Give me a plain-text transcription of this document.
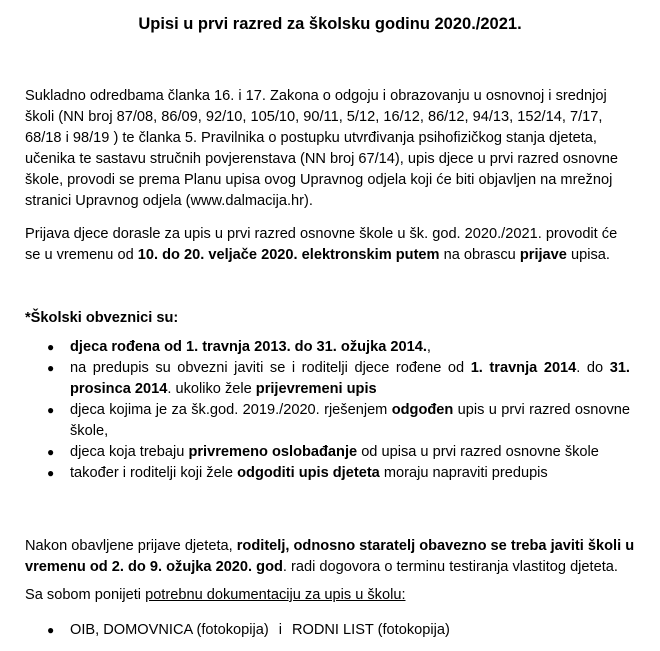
Upisi u prvi razred za školsku godinu 2020./2021.
Sukladno odredbama članka 16. i 17. Zakona o odgoju i obrazovanju u osnovnoj i srednjoj školi (NN broj 87/08, 86/09, 92/10, 105/10, 90/11, 5/12, 16/12, 86/12, 94/13, 152/14, 7/17, 68/18 i 98/19 ) te članka 5. Pravilnika o postupku utvrđivanja psihofizičkog stanja djeteta, učenika te sastavu stručnih povjerenstava (NN broj 67/14), upis djece u prvi razred osnovne škole, provodi se prema Planu upisa ovog Upravnog odjela koji će biti objavljen na mrežnoj stranici Upravnog odjela (www.dalmacija.hr).
Prijava djece dorasle za upis u prvi razred osnovne škole u šk. god. 2020./2021. provodit će se u vremenu od 10. do 20. veljače 2020. elektronskim putem na obrascu prijave upisa.
*Školski obveznici su:
● djeca rođena od 1. travnja 2013. do 31. ožujka 2014.,
● na predupis su obvezni javiti se i roditelji djece rođene od 1. travnja 2014. do 31. prosinca 2014. ukoliko žele prijevremeni upis
● djeca kojima je za šk.god. 2019./2020. rješenjem odgođen upis u prvi razred osnovne škole,
● djeca koja trebaju privremeno oslobađanje od upisa u prvi razred osnovne škole
● također i roditelji koji žele odgoditi upis djeteta moraju napraviti predupis
Nakon obavljene prijave djeteta, roditelj, odnosno staratelj obavezno se treba javiti školi u vremenu od 2. do 9. ožujka 2020. god. radi dogovora o terminu testiranja vlastitog djeteta.
Sa sobom ponijeti potrebnu dokumentaciju za upis u školu:
● OIB, DOMOVNICA (fotokopija) i RODNI LIST (fotokopija)
